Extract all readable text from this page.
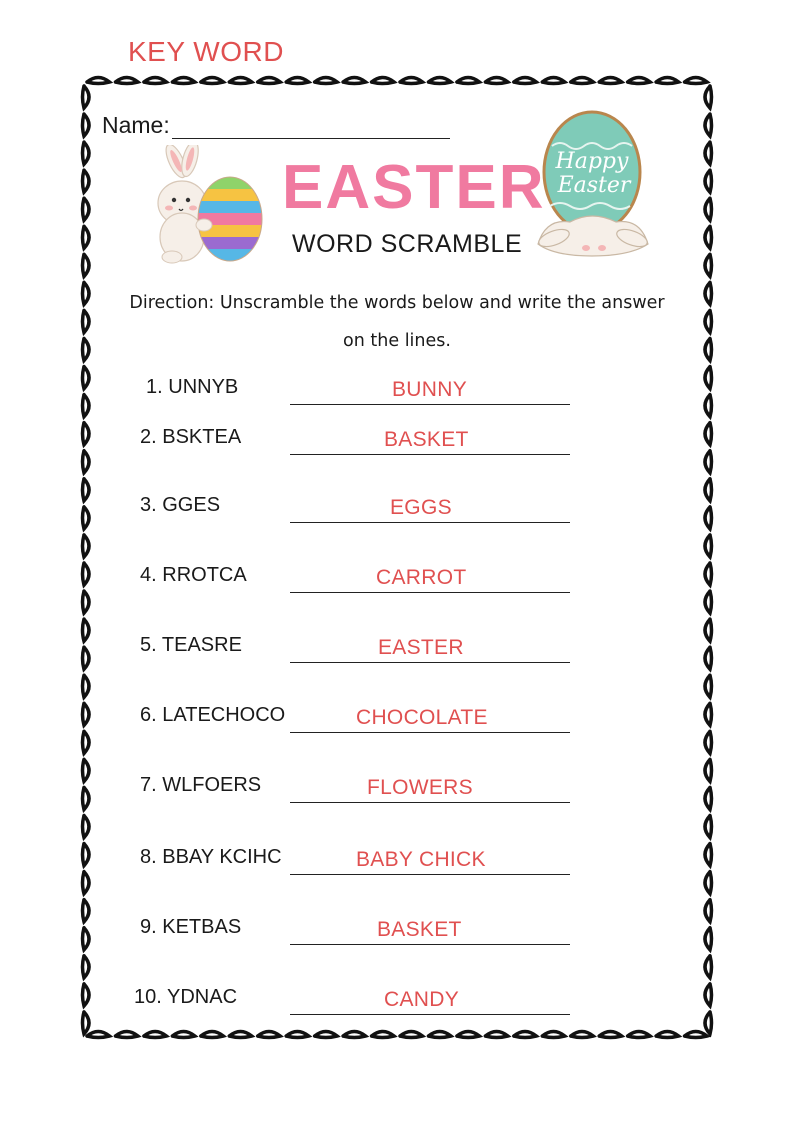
KEY WORD
Name:
Happy
Easter
EASTER
WORD SCRAMBLE
Direction: Unscramble the words below and write the answer
on the lines.
1. UNNYB	BUNNY
2. BSKTEA	BASKET
3. GGES	EGGS
4. RROTCA	CARROT
5. TEASRE	EASTER
6. LATECHOCO	CHOCOLATE
7. WLFOERS	FLOWERS
8. BBAY KCIHC	BABY CHICK
9. KETBAS	BASKET
10. YDNAC	CANDY
